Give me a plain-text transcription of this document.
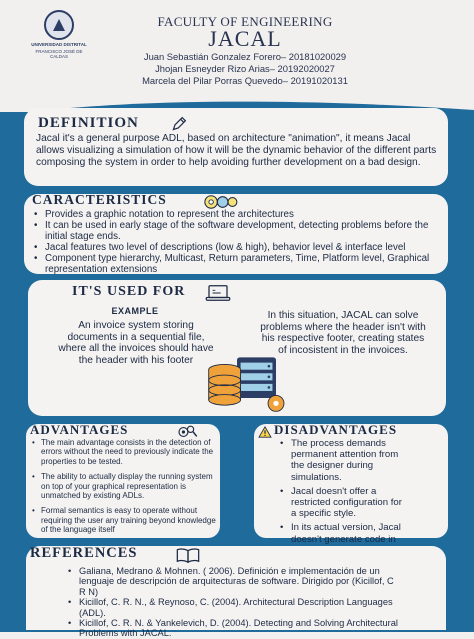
UNIVERSIDAD DISTRITAL
FRANCISCO JOSÉ DE CALDAS
FACULTY OF ENGINEERING
JACAL
Juan Sebastián Gonzalez Forero– 20181020029
Jhojan Esneyder Rizo Arias– 20192020027
Marcela del Pilar Porras Quevedo– 20191020131
DEFINITION
Jacal it's a general purpose ADL, based on architecture "animation", it means Jacal allows visualizing a simulation of how it will be the dynamic behavior of the different parts composing the system in order to help avoiding further development on a bad design.
CARACTERISTICS
• Provides a graphic notation to represent the architectures
• It can be used in early stage of the software development, detecting problems before the initial stage ends.
• Jacal features two level of descriptions (low & high), behavior level & interface level
• Component type hierarchy, Multicast, Return parameters, Time, Platform level, Graphical representation extensions
IT'S USED FOR
EXAMPLE
An invoice system storing documents in a sequential file, where all the invoices should have the header with his footer
In this situation, JACAL can solve problems where the header isn't with his respective footer, creating states of incosistent in the invoices.
ADVANTAGES
• The main advantage consists in the detection of errors without the need to previously indicate the properties to be tested.
• The ability to actually display the running system on top of your graphical representation is unmatched by existing ADLs.
• Formal semantics is easy to operate without requiring the user any training beyond knowledge of the language itself
DISADVANTAGES
• The process demands permanent attention from the designer during simulations.
• Jacal doesn't offer a restricted configuration for a specific style.
• In its actual version, Jacal doesn't generate code in
REFERENCES
• Galiana, Medrano & Mohnen. ( 2006). Definición e implementación de un lenguaje de descripción de arquitecturas de software. Dirigido por (Kicillof, C R N)
• Kicillof, C. R. N., & Reynoso, C. (2004). Architectural Description Languages (ADL).
• Kicillof, C. R. N. & Yankelevich, D. (2004). Detecting and Solving Architectural Problems with JACAL.
